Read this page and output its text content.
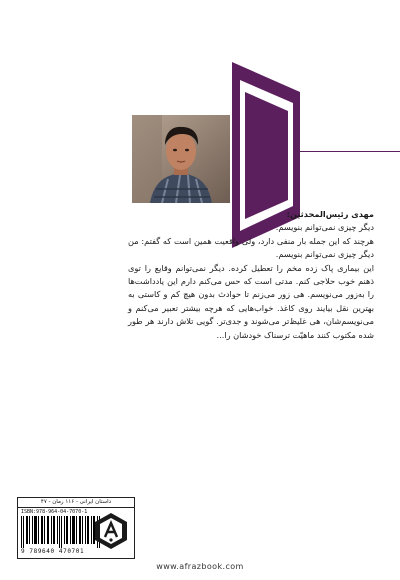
مهدی رئیس‌المحدثین:

دیگر چیزی نمی‌توانم بنویسم.

هرچند که این جمله بار منفی دارد، ولی واقعیت همین است که گفتم: من دیگر چیزی نمی‌توانم بنویسم.

این بیماری پاک زده مخم را تعطیل کرده. دیگر نمی‌توانم وقایع را توی ذهنم خوب حلاجی کنم. مدتی است که حس می‌کنم دارم این یادداشت‌ها را به‌زور می‌نویسم. هی زور می‌زنم تا حوادث بدون هیچ کم و کاستی به بهترین نقل بیایند روی کاغذ. خواب‌هایی که هرچه بیشتر تعبیر می‌کنم و می‌نویسم‌شان، هی غلیظ‌تر می‌شوند و جدی‌تر. گویی تلاش دارند هر طور شده مکتوب کنند ماهیّت ترسناک خودشان را...

داستان ایرانی - ۱۱۶ رمان - ۴۷
ISBN:978-964-04-7070-1
9 789640 470701
www.afrazbook.com
